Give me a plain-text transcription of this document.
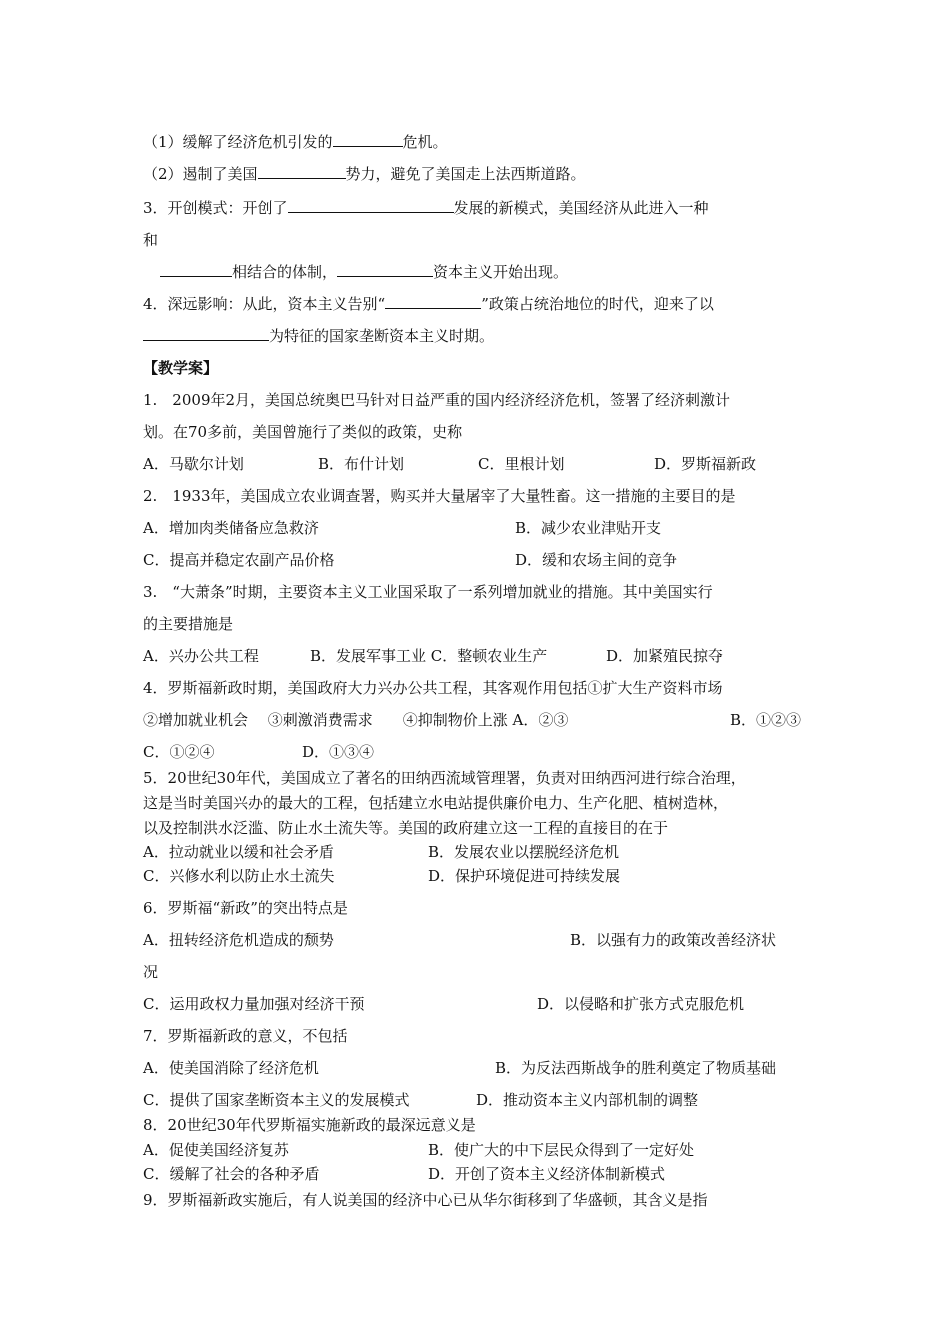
（1）缓解了经济危机引发的	危机。
（2）遏制了美国	势力，避免了美国走上法西斯道路。
3．开创模式：开创了	发展的新模式，美国经济从此进入一种
和
相结合的体制，	资本主义开始出现。
4．深远影响：从此，资本主义告别“	”政策占统治地位的时代，迎来了以
为特征的国家垄断资本主义时期。
【教学案】
1.　2009年2月，美国总统奥巴马针对日益严重的国内经济经济危机，签署了经济刺激计
划。在70多前，美国曾施行了类似的政策，史称
A．马歇尔计划	B．布什计划	C．里根计划	D．罗斯福新政
2.　1933年，美国成立农业调查署，购买并大量屠宰了大量牲畜。这一措施的主要目的是
A．增加肉类储备应急救济	B．减少农业津贴开支
C．提高并稳定农副产品价格	D．缓和农场主间的竞争
3.　“大萧条”时期，主要资本主义工业国采取了一系列增加就业的措施。其中美国实行
的主要措施是
A．兴办公共工程	B．发展军事工业 C．整顿农业生产	D．加紧殖民掠夺
4．罗斯福新政时期，美国政府大力兴办公共工程，其客观作用包括①扩大生产资料市场
②增加就业机会　 ③刺激消费需求　　④抑制物价上涨 A．②③	B．①②③
C．①②④	D．①③④
5．20世纪30年代，美国成立了著名的田纳西流域管理署，负责对田纳西河进行综合治理，
这是当时美国兴办的最大的工程，包括建立水电站提供廉价电力、生产化肥、植树造林，
以及控制洪水泛滥、防止水土流失等。美国的政府建立这一工程的直接目的在于
A．拉动就业以缓和社会矛盾	B．发展农业以摆脱经济危机
C．兴修水利以防止水土流失	D．保护环境促进可持续发展
6．罗斯福“新政”的突出特点是
A．扭转经济危机造成的颓势	B．以强有力的政策改善经济状
况
C．运用政权力量加强对经济干预	D．以侵略和扩张方式克服危机
7．罗斯福新政的意义，不包括
A．使美国消除了经济危机	B．为反法西斯战争的胜利奠定了物质基础
C．提供了国家垄断资本主义的发展模式	D．推动资本主义内部机制的调整
8．20世纪30年代罗斯福实施新政的最深远意义是
A．促使美国经济复苏	B．使广大的中下层民众得到了一定好处
C．缓解了社会的各种矛盾	D．开创了资本主义经济体制新模式
9．罗斯福新政实施后，有人说美国的经济中心已从华尔街移到了华盛顿，其含义是指
